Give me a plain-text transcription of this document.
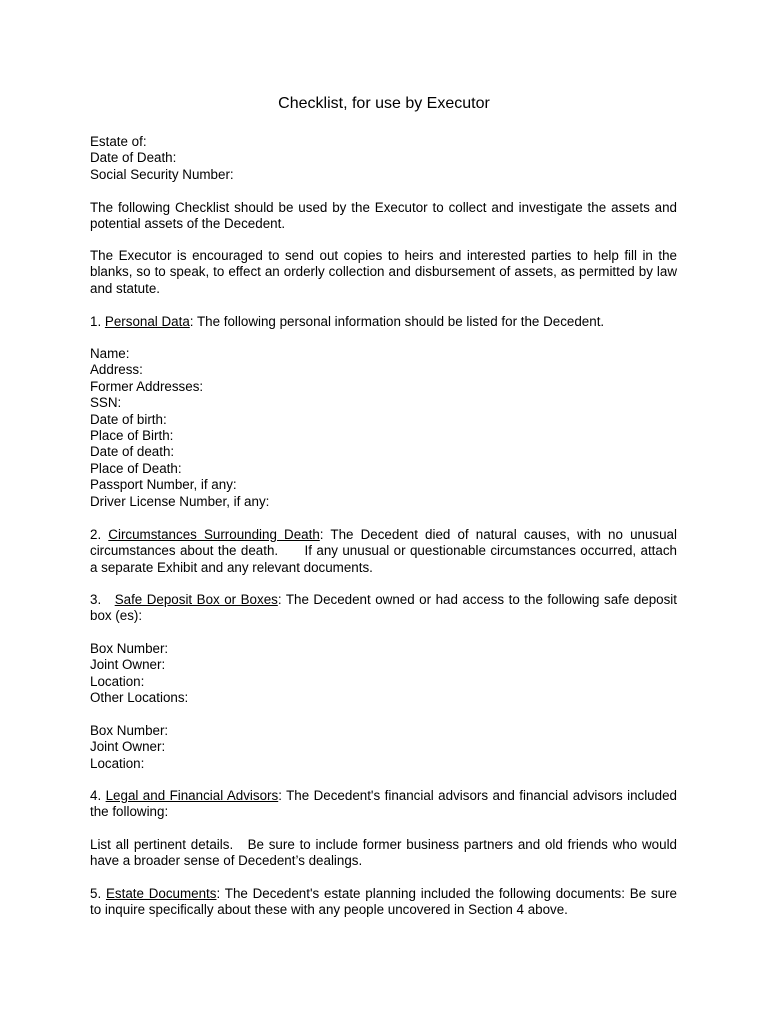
Checklist, for use by Executor
Estate of:
Date of Death:
Social Security Number:

The following Checklist should be used by the Executor to collect and investigate the assets and potential assets of the Decedent.

The Executor is encouraged to send out copies to heirs and interested parties to help fill in the blanks, so to speak, to effect an orderly collection and disbursement of assets, as permitted by law and statute.

1. Personal Data: The following personal information should be listed for the Decedent.

Name:
Address:
Former Addresses:
SSN:
Date of birth:
Place of Birth:
Date of death:
Place of Death:
Passport Number, if any:
Driver License Number, if any:

2. Circumstances Surrounding Death: The Decedent died of natural causes, with no unusual circumstances about the death.      If any unusual or questionable circumstances occurred, attach a separate Exhibit and any relevant documents.

3. Safe Deposit Box or Boxes: The Decedent owned or had access to the following safe deposit box (es):

Box Number:
Joint Owner:
Location:
Other Locations:
Box Number:
Joint Owner:
Location:

4. Legal and Financial Advisors: The Decedent's financial advisors and financial advisors included the following:

List all pertinent details.   Be sure to include former business partners and old friends who would have a broader sense of Decedent’s dealings.

5. Estate Documents: The Decedent's estate planning included the following documents: Be sure to inquire specifically about these with any people uncovered in Section 4 above.
